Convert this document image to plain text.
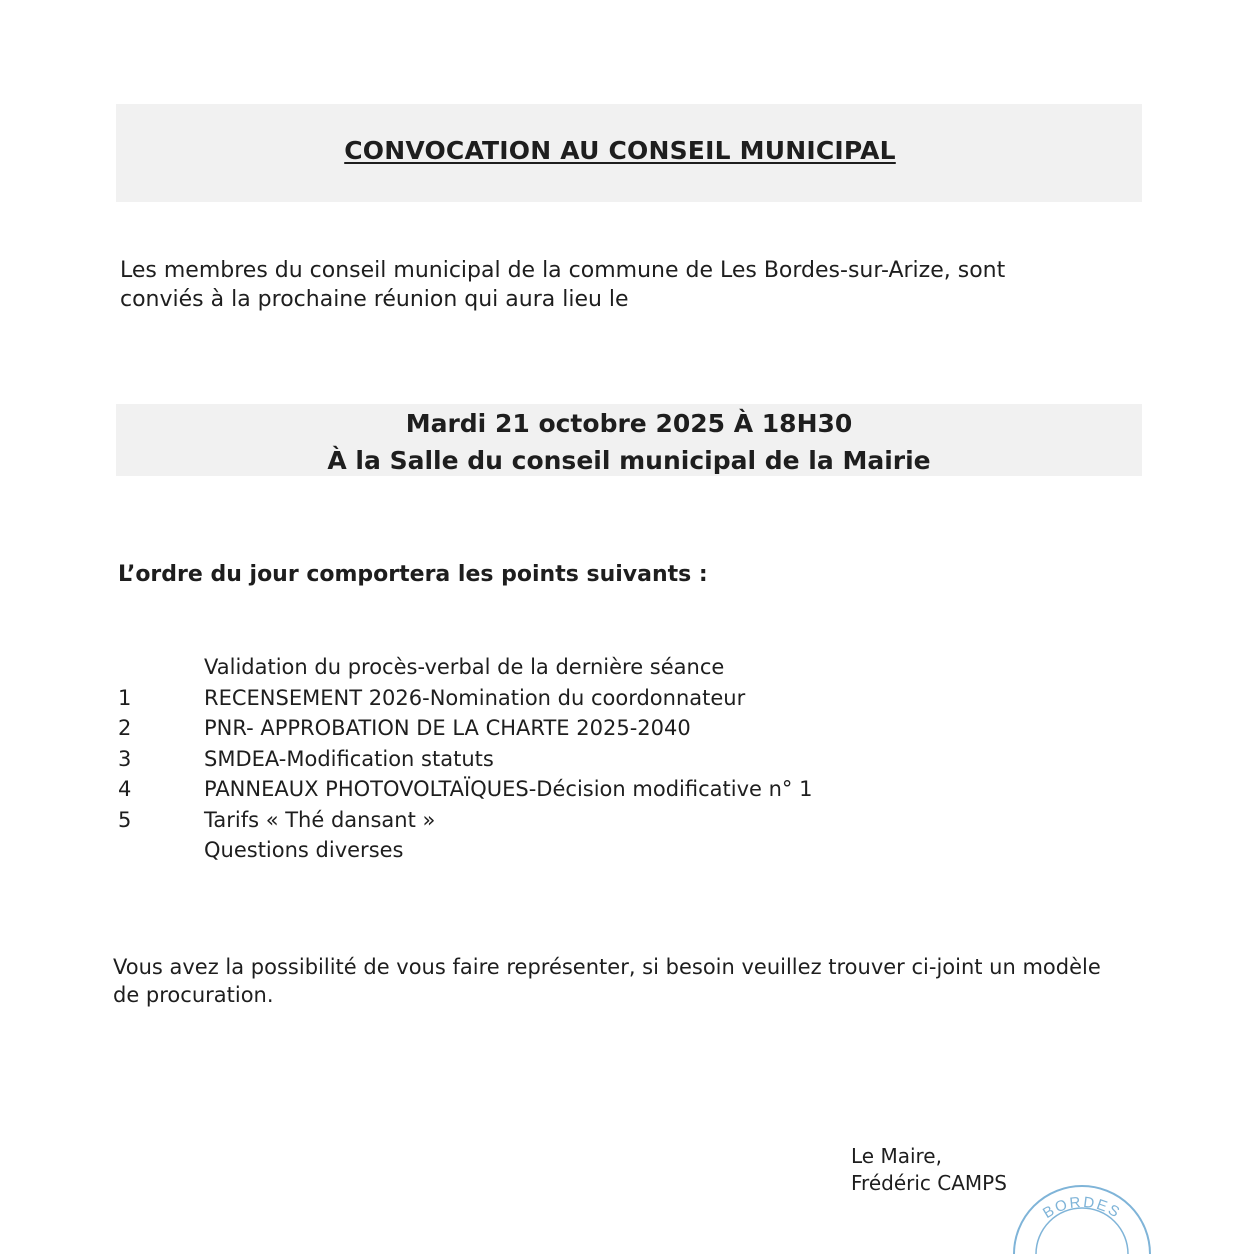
CONVOCATION AU CONSEIL MUNICIPAL
Les membres du conseil municipal de la commune de Les Bordes-sur-Arize, sont
conviés à la prochaine réunion qui aura lieu le
Mardi 21 octobre 2025 À 18H30
À la Salle du conseil municipal de la Mairie
L’ordre du jour comportera les points suivants :
Validation du procès-verbal de la dernière séance
1	RECENSEMENT 2026-Nomination du coordonnateur
2	PNR- APPROBATION DE LA CHARTE 2025-2040
3	SMDEA-Modification statuts
4	PANNEAUX PHOTOVOLTAÏQUES-Décision modificative n° 1
5	Tarifs « Thé dansant »
Questions diverses
Vous avez la possibilité de vous faire représenter, si besoin veuillez trouver ci-joint un modèle
de procuration.
Le Maire,
Frédéric CAMPS
BORDES
